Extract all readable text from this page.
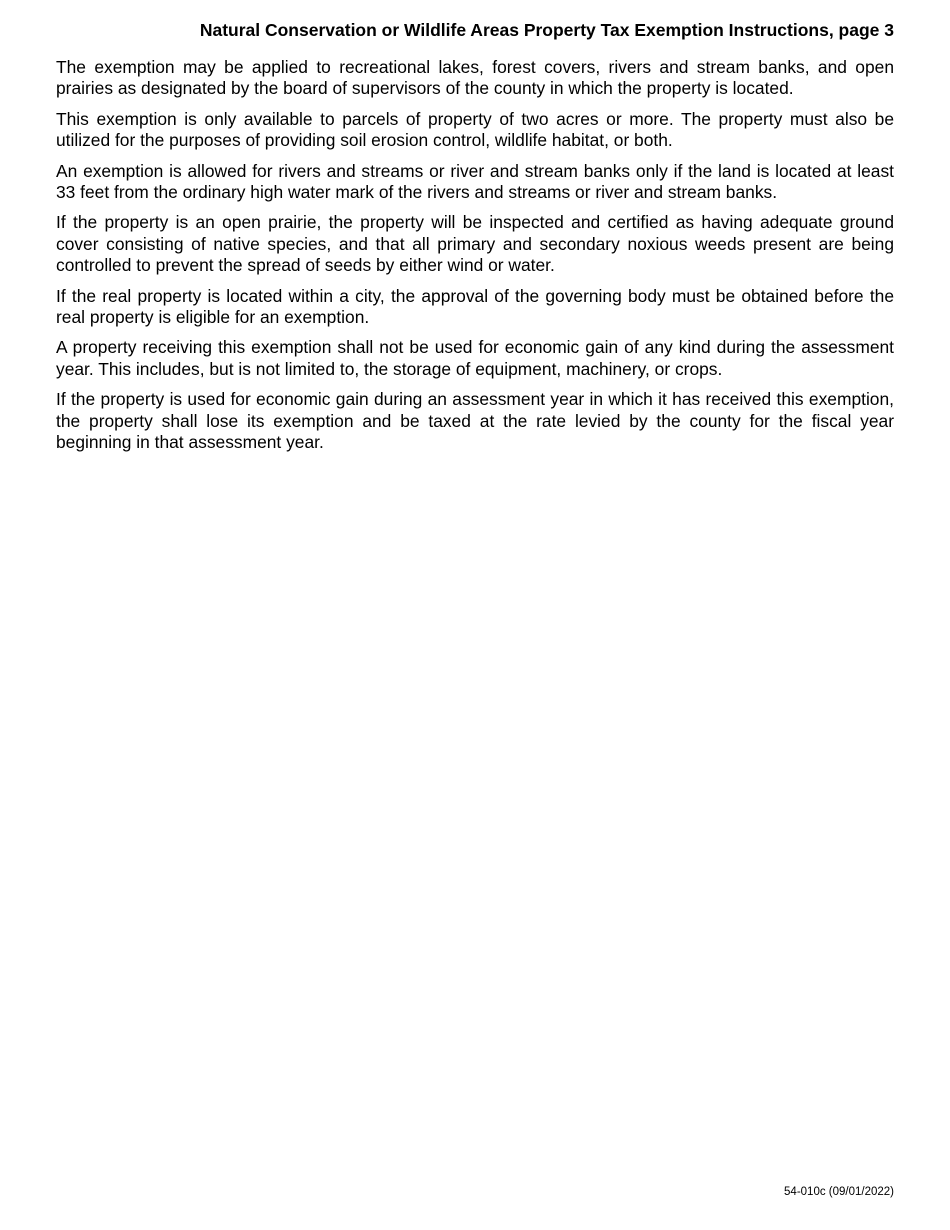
Natural Conservation or Wildlife Areas Property Tax Exemption Instructions, page 3

The exemption may be applied to recreational lakes, forest covers, rivers and stream banks, and open prairies as designated by the board of supervisors of the county in which the property is located.

This exemption is only available to parcels of property of two acres or more. The property must also be utilized for the purposes of providing soil erosion control, wildlife habitat, or both.

An exemption is allowed for rivers and streams or river and stream banks only if the land is located at least 33 feet from the ordinary high water mark of the rivers and streams or river and stream banks.

If the property is an open prairie, the property will be inspected and certified as having adequate ground cover consisting of native species, and that all primary and secondary noxious weeds present are being controlled to prevent the spread of seeds by either wind or water.

If the real property is located within a city, the approval of the governing body must be obtained before the real property is eligible for an exemption.

A property receiving this exemption shall not be used for economic gain of any kind during the assessment year. This includes, but is not limited to, the storage of equipment, machinery, or crops.

If the property is used for economic gain during an assessment year in which it has received this exemption, the property shall lose its exemption and be taxed at the rate levied by the county for the fiscal year beginning in that assessment year.

54-010c (09/01/2022)
